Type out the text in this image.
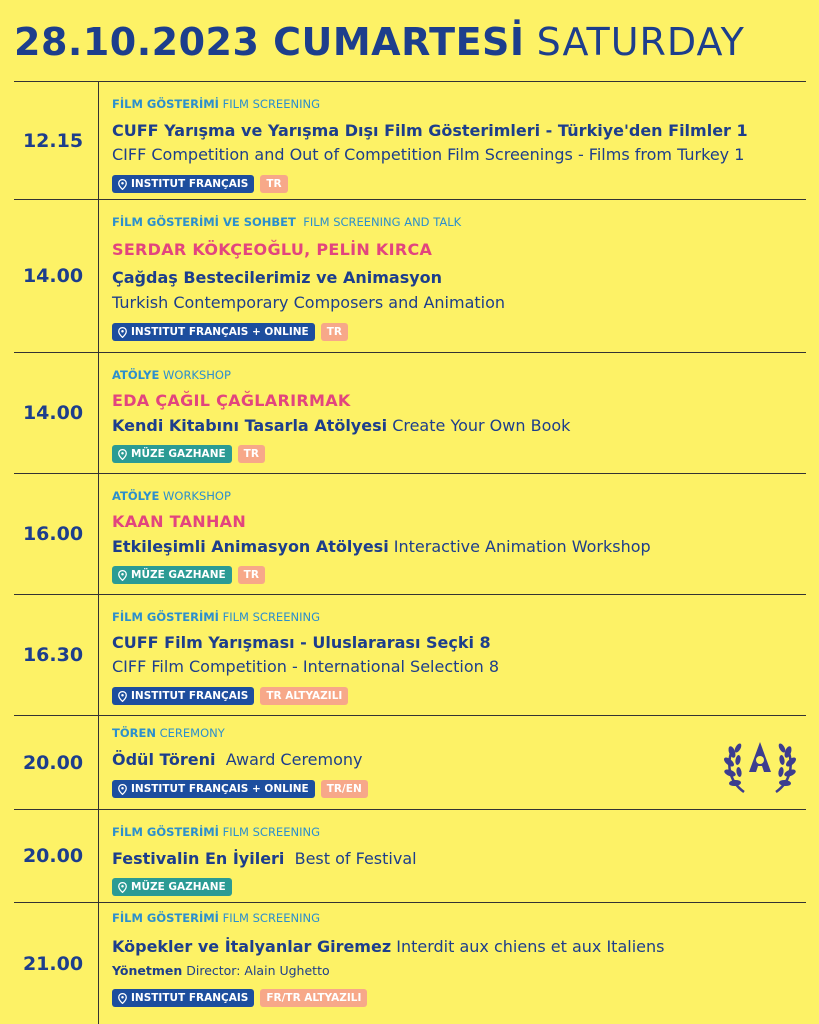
28.10.2023 CUMARTESİ SATURDAY
12.15
FİLM GÖSTERİMİ FILM SCREENING
CUFF Yarışma ve Yarışma Dışı Film Gösterimleri - Türkiye'den Filmler 1
CIFF Competition and Out of Competition Film Screenings - Films from Turkey 1
INSTITUT FRANÇAIS	TR
14.00
FİLM GÖSTERİMİ VE SOHBET FILM SCREENING AND TALK
SERDAR KÖKÇEOĞLU, PELİN KIRCA
Çağdaş Bestecilerimiz ve Animasyon
Turkish Contemporary Composers and Animation
INSTITUT FRANÇAIS + ONLINE	TR
14.00
ATÖLYE WORKSHOP
EDA ÇAĞIL ÇAĞLARIRMAK
Kendi Kitabını Tasarla Atölyesi Create Your Own Book
MÜZE GAZHANE	TR
16.00
ATÖLYE WORKSHOP
KAAN TANHAN
Etkileşimli Animasyon Atölyesi Interactive Animation Workshop
MÜZE GAZHANE	TR
16.30
FİLM GÖSTERİMİ FILM SCREENING
CUFF Film Yarışması - Uluslararası Seçki 8
CIFF Film Competition - International Selection 8
INSTITUT FRANÇAIS	TR ALTYAZILI
20.00
TÖREN CEREMONY
Ödül Töreni Award Ceremony
INSTITUT FRANÇAIS + ONLINE	TR/EN
20.00
FİLM GÖSTERİMİ FILM SCREENING
Festivalin En İyileri Best of Festival
MÜZE GAZHANE
21.00
FİLM GÖSTERİMİ FILM SCREENING
Köpekler ve İtalyanlar Giremez Interdit aux chiens et aux Italiens
Yönetmen Director: Alain Ughetto
INSTITUT FRANÇAIS	FR/TR ALTYAZILI
